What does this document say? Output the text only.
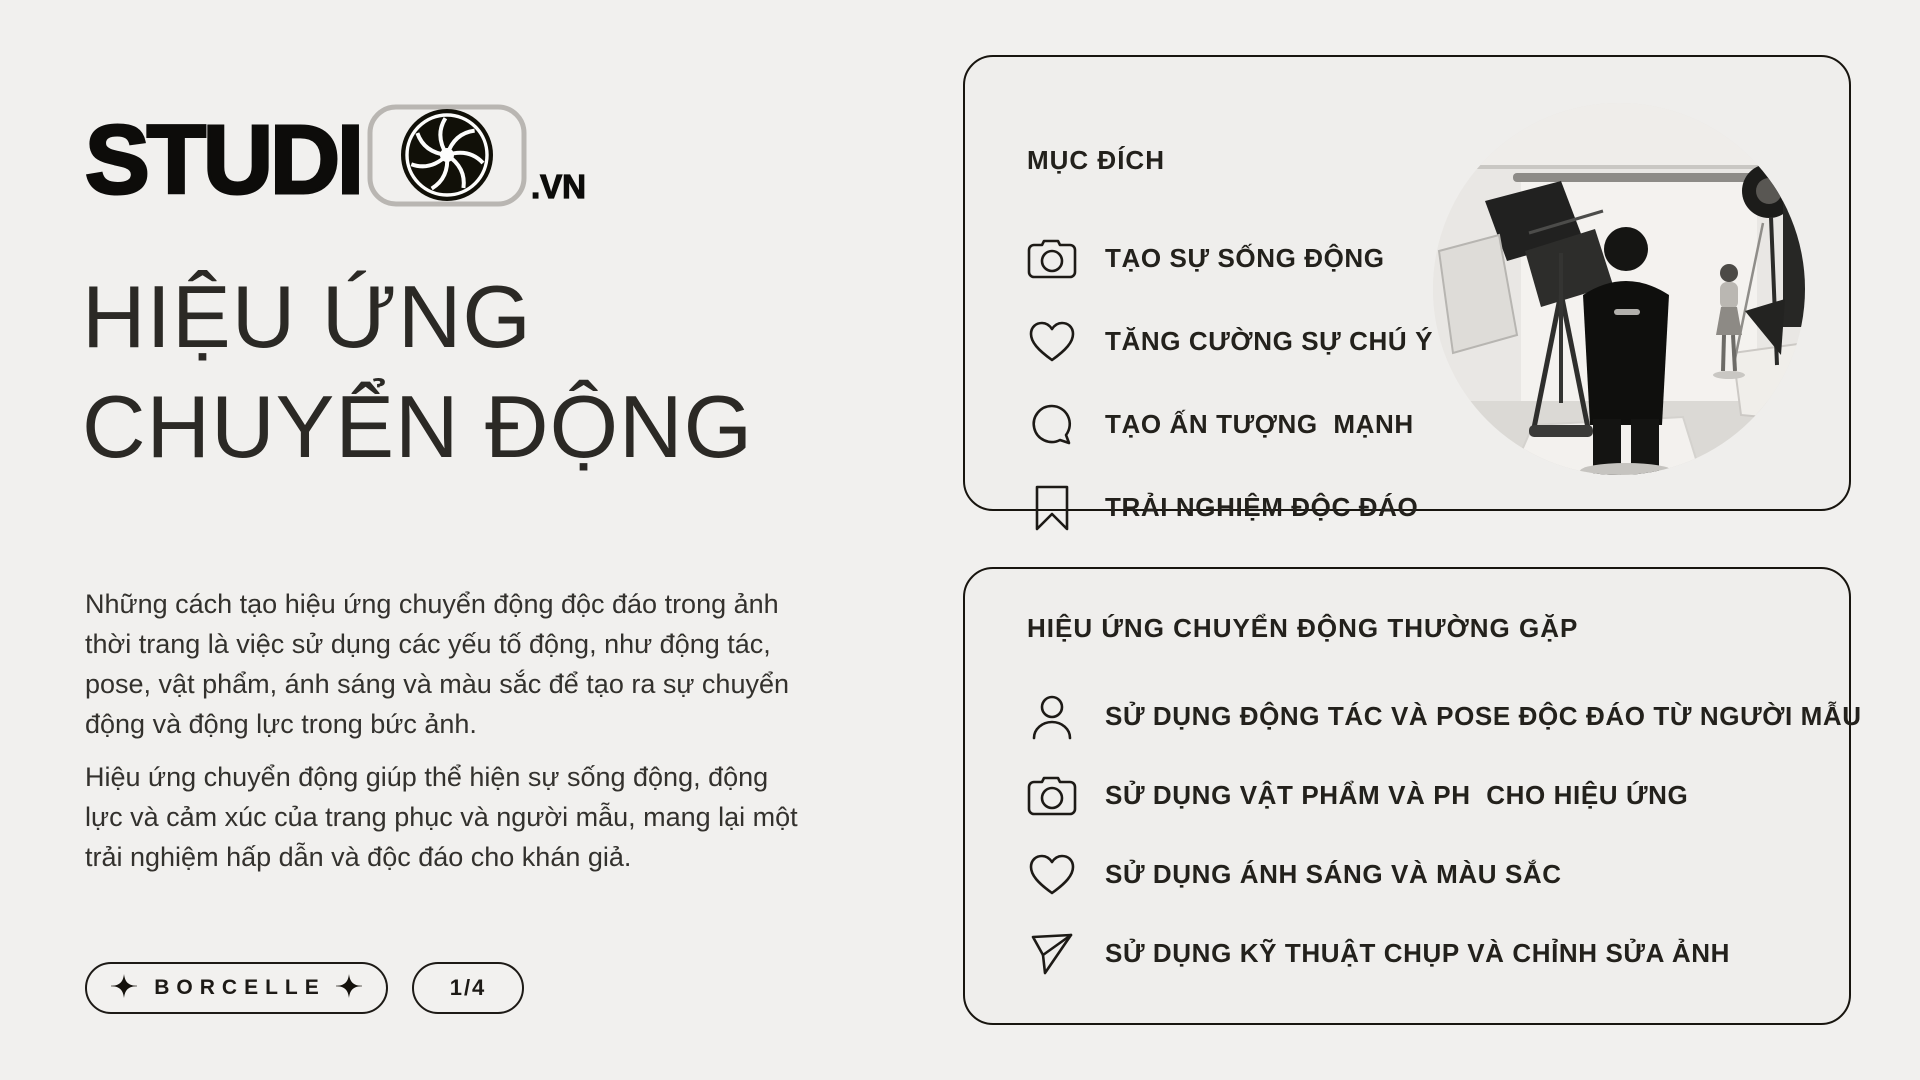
STUDI	.VN
HIỆU ỨNG
CHUYỂN ĐỘNG
Những cách tạo hiệu ứng chuyển động độc đáo trong ảnh
thời trang là việc sử dụng các yếu tố động, như động tác,
pose, vật phẩm, ánh sáng và màu sắc để tạo ra sự chuyển
động và động lực trong bức ảnh.
Hiệu ứng chuyển động giúp thể hiện sự sống động, động
lực và cảm xúc của trang phục và người mẫu, mang lại một
trải nghiệm hấp dẫn và độc đáo cho khán giả.
BORCELLE	1/4
MỤC ĐÍCH
TẠO SỰ SỐNG ĐỘNG
TĂNG CƯỜNG SỰ CHÚ Ý
TẠO ẤN TƯỢNG  MẠNH
TRẢI NGHIỆM ĐỘC ĐÁO
HIỆU ỨNG CHUYỂN ĐỘNG THƯỜNG GẶP
SỬ DỤNG ĐỘNG TÁC VÀ POSE ĐỘC ĐÁO TỪ NGƯỜI MẪU
SỬ DỤNG VẬT PHẨM VÀ PH  CHO HIỆU ỨNG
SỬ DỤNG ÁNH SÁNG VÀ MÀU SẮC
SỬ DỤNG KỸ THUẬT CHỤP VÀ CHỈNH SỬA ẢNH
